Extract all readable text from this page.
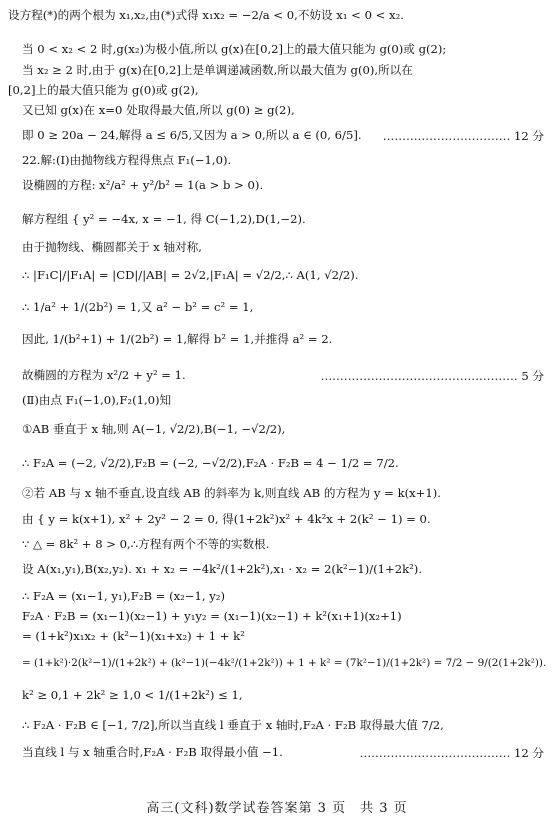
设方程(*)的两个根为 x₁,x₂,由(*)式得 x₁x₂ = −2/a < 0,不妨设 x₁ < 0 < x₂.
当 0 < x₂ < 2 时,g(x₂)为极小值,所以 g(x)在[0,2]上的最大值只能为 g(0)或 g(2);
当 x₂ ≥ 2 时,由于 g(x)在[0,2]上是单调递减函数,所以最大值为 g(0),所以在
[0,2]上的最大值只能为 g(0)或 g(2),
又已知 g(x)在 x=0 处取得最大值,所以 g(0) ≥ g(2),
即 0 ≥ 20a − 24,解得 a ≤ 6/5,又因为 a > 0,所以 a ∈ (0, 6/5].
22.解:(Ⅰ)由抛物线方程得焦点 F₁(−1,0).
设椭圆的方程: x²/a² + y²/b² = 1(a > b > 0).
解方程组 { y² = −4x, x = −1, 得 C(−1,2),D(1,−2).
由于抛物线、椭圆都关于 x 轴对称,
∴ |F₁C|/|F₁A| = |CD|/|AB| = 2√2,|F₁A| = √2/2,∴ A(1, √2/2).
∴ 1/a² + 1/(2b²) = 1,又 a² − b² = c² = 1,
因此, 1/(b²+1) + 1/(2b²) = 1,解得 b² = 1,并推得 a² = 2.
故椭圆的方程为 x²/2 + y² = 1.
(Ⅱ)由点 F₁(−1,0),F₂(1,0)知
①AB 垂直于 x 轴,则 A(−1, √2/2),B(−1, −√2/2),
∴ F₂A = (−2, √2/2),F₂B = (−2, −√2/2),F₂A · F₂B = 4 − 1/2 = 7/2.
②若 AB 与 x 轴不垂直,设直线 AB 的斜率为 k,则直线 AB 的方程为 y = k(x+1).
由 { y = k(x+1), x² + 2y² − 2 = 0, 得(1+2k²)x² + 4k²x + 2(k² − 1) = 0.
∵ △ = 8k² + 8 > 0,∴方程有两个不等的实数根.
设 A(x₁,y₁),B(x₂,y₂). x₁ + x₂ = −4k²/(1+2k²),x₁ · x₂ = 2(k²−1)/(1+2k²).
∴ F₂A = (x₁−1, y₁),F₂B = (x₂−1, y₂)
F₂A · F₂B = (x₁−1)(x₂−1) + y₁y₂ = (x₁−1)(x₂−1) + k²(x₁+1)(x₂+1)
= (1+k²)x₁x₂ + (k²−1)(x₁+x₂) + 1 + k²
= (1+k²)·2(k²−1)/(1+2k²) + (k²−1)(−4k²/(1+2k²)) + 1 + k² = (7k²−1)/(1+2k²) = 7/2 − 9/(2(1+2k²)).
k² ≥ 0,1 + 2k² ≥ 1,0 < 1/(1+2k²) ≤ 1,
∴ F₂A · F₂B ∈ [−1, 7/2],所以当直线 l 垂直于 x 轴时,F₂A · F₂B 取得最大值 7/2,
当直线 l 与 x 轴重合时,F₂A · F₂B 取得最小值 −1.
…………………………… 12 分
…………………………………………… 5 分
………………………………… 12 分
高三(文科)数学试卷答案第 3 页　共 3 页
